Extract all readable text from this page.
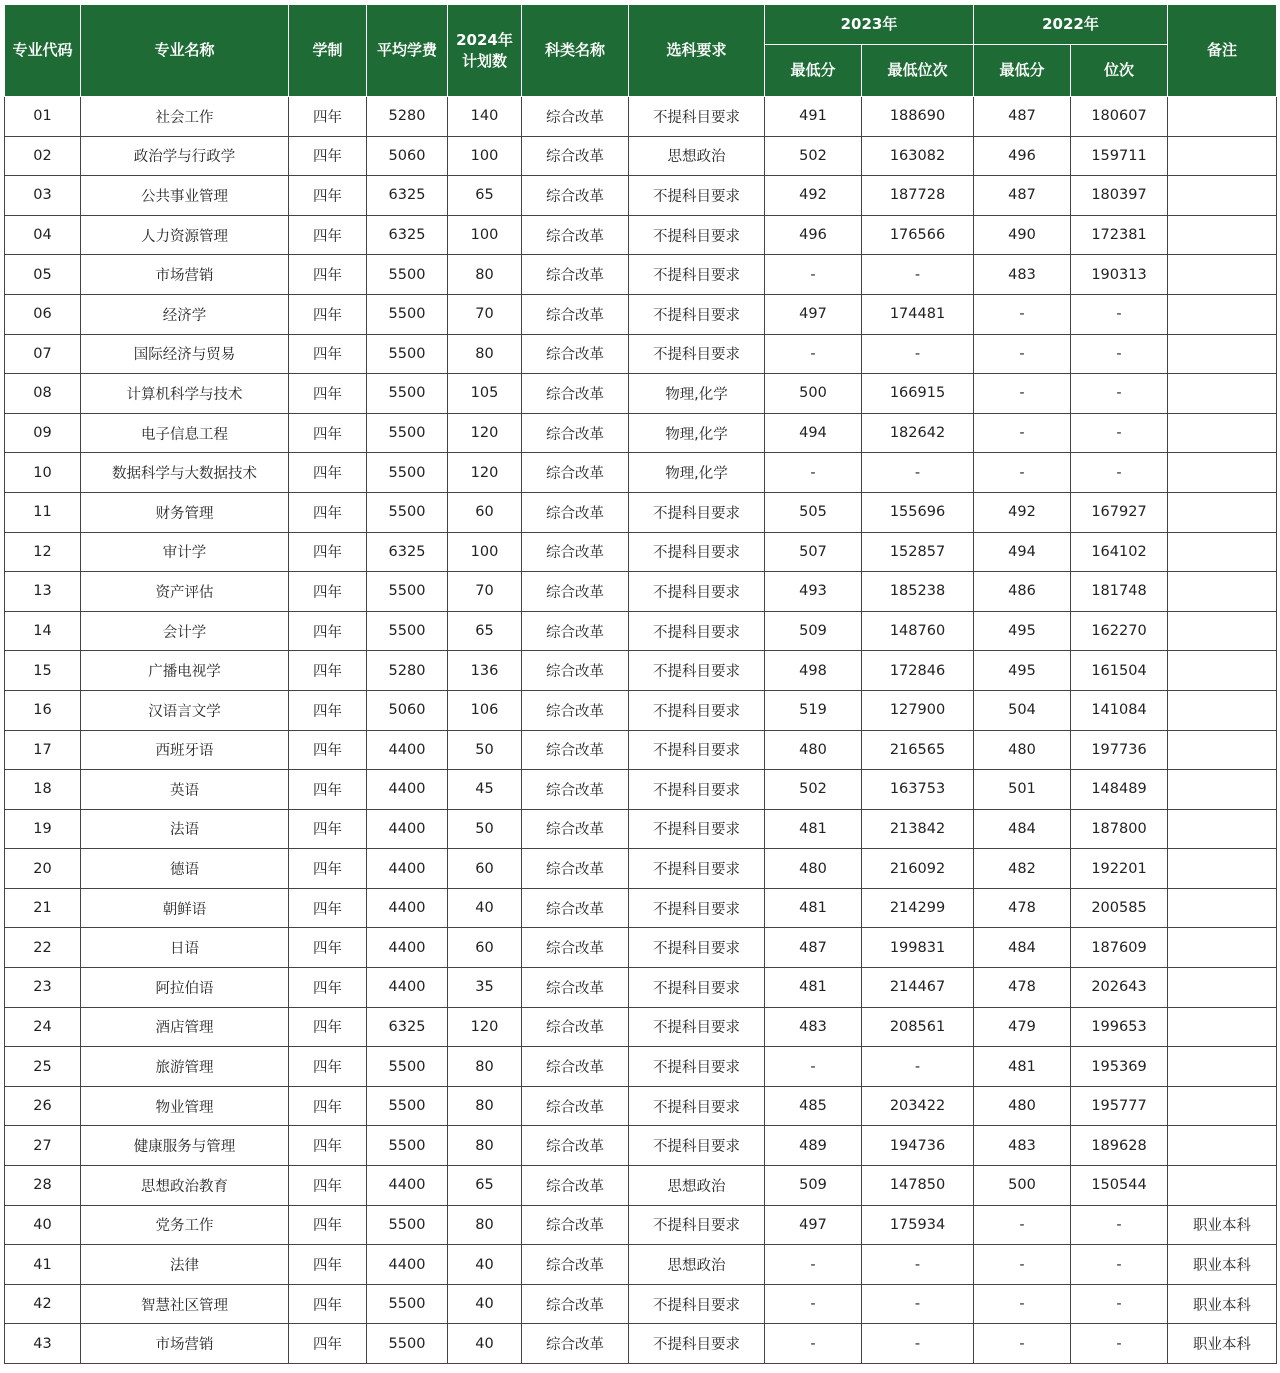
专业代码	专业名称	学制	平均学费	2024年
计划数	科类名称	选科要求	2023年		2022年		备注
							最低分	最低位次	最低分	位次	
01	社会工作	四年	5280	140	综合改革	不提科目要求	491	188690	487	180607	
02	政治学与行政学	四年	5060	100	综合改革	思想政治	502	163082	496	159711	
03	公共事业管理	四年	6325	65	综合改革	不提科目要求	492	187728	487	180397	
04	人力资源管理	四年	6325	100	综合改革	不提科目要求	496	176566	490	172381	
05	市场营销	四年	5500	80	综合改革	不提科目要求	-	-	483	190313	
06	经济学	四年	5500	70	综合改革	不提科目要求	497	174481	-	-	
07	国际经济与贸易	四年	5500	80	综合改革	不提科目要求	-	-	-	-	
08	计算机科学与技术	四年	5500	105	综合改革	物理,化学	500	166915	-	-	
09	电子信息工程	四年	5500	120	综合改革	物理,化学	494	182642	-	-	
10	数据科学与大数据技术	四年	5500	120	综合改革	物理,化学	-	-	-	-	
11	财务管理	四年	5500	60	综合改革	不提科目要求	505	155696	492	167927	
12	审计学	四年	6325	100	综合改革	不提科目要求	507	152857	494	164102	
13	资产评估	四年	5500	70	综合改革	不提科目要求	493	185238	486	181748	
14	会计学	四年	5500	65	综合改革	不提科目要求	509	148760	495	162270	
15	广播电视学	四年	5280	136	综合改革	不提科目要求	498	172846	495	161504	
16	汉语言文学	四年	5060	106	综合改革	不提科目要求	519	127900	504	141084	
17	西班牙语	四年	4400	50	综合改革	不提科目要求	480	216565	480	197736	
18	英语	四年	4400	45	综合改革	不提科目要求	502	163753	501	148489	
19	法语	四年	4400	50	综合改革	不提科目要求	481	213842	484	187800	
20	德语	四年	4400	60	综合改革	不提科目要求	480	216092	482	192201	
21	朝鲜语	四年	4400	40	综合改革	不提科目要求	481	214299	478	200585	
22	日语	四年	4400	60	综合改革	不提科目要求	487	199831	484	187609	
23	阿拉伯语	四年	4400	35	综合改革	不提科目要求	481	214467	478	202643	
24	酒店管理	四年	6325	120	综合改革	不提科目要求	483	208561	479	199653	
25	旅游管理	四年	5500	80	综合改革	不提科目要求	-	-	481	195369	
26	物业管理	四年	5500	80	综合改革	不提科目要求	485	203422	480	195777	
27	健康服务与管理	四年	5500	80	综合改革	不提科目要求	489	194736	483	189628	
28	思想政治教育	四年	4400	65	综合改革	思想政治	509	147850	500	150544	
40	党务工作	四年	5500	80	综合改革	不提科目要求	497	175934	-	-	职业本科
41	法律	四年	4400	40	综合改革	思想政治	-	-	-	-	职业本科
42	智慧社区管理	四年	5500	40	综合改革	不提科目要求	-	-	-	-	职业本科
43	市场营销	四年	5500	40	综合改革	不提科目要求	-	-	-	-	职业本科
